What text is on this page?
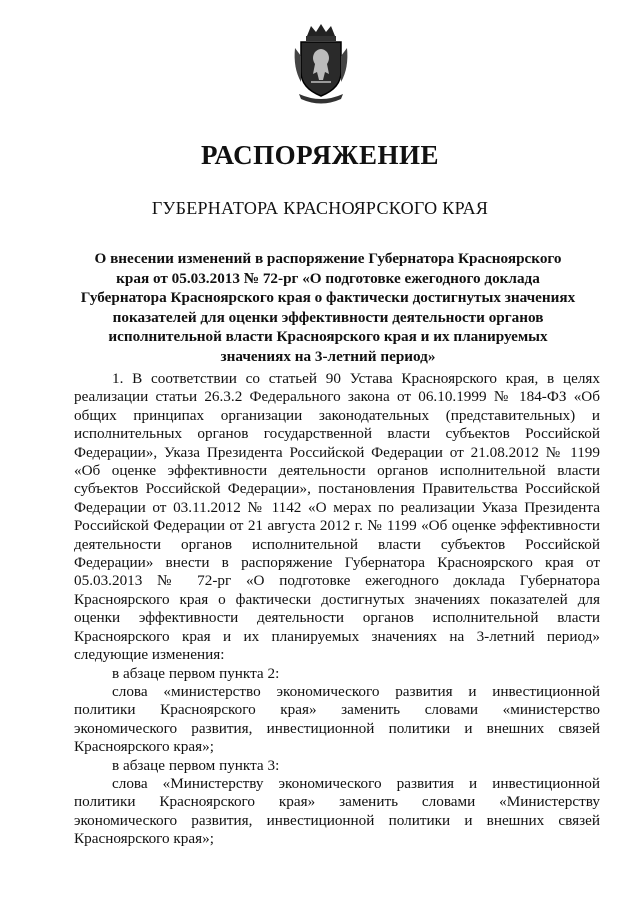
РАСПОРЯЖЕНИЕ
ГУБЕРНАТОРА КРАСНОЯРСКОГО КРАЯ
О внесении изменений в распоряжение Губернатора Красноярского края от 05.03.2013 № 72-рг «О подготовке ежегодного доклада Губернатора Красноярского края о фактически достигнутых значениях показателей для оценки эффективности деятельности органов исполнительной власти Красноярского края и их планируемых значениях на 3-летний период»

1. В соответствии со статьей 90 Устава Красноярского края, в целях реализации статьи 26.3.2 Федерального закона от 06.10.1999 № 184-ФЗ «Об общих принципах организации законодательных (представительных) и исполнительных органов государственной власти субъектов Российской Федерации», Указа Президента Российской Федерации от 21.08.2012 № 1199 «Об оценке эффективности деятельности органов исполнительной власти субъектов Российской Федерации», постановления Правительства Российской Федерации от 03.11.2012 № 1142 «О мерах по реализации Указа Президента Российской Федерации от 21 августа 2012 г. № 1199 «Об оценке эффективности деятельности органов исполнительной власти субъектов Российской Федерации» внести в распоряжение Губернатора Красноярского края от 05.03.2013 № 72-рг «О подготовке ежегодного доклада Губернатора Красноярского края о фактически достигнутых значениях показателей для оценки эффективности деятельности органов исполнительной власти Красноярского края и их планируемых значениях на 3-летний период» следующие изменения:

в абзаце первом пункта 2:

слова «министерство экономического развития и инвестиционной политики Красноярского края» заменить словами «министерство экономического развития, инвестиционной политики и внешних связей Красноярского края»;

в абзаце первом пункта 3:

слова «Министерству экономического развития и инвестиционной политики Красноярского края» заменить словами «Министерству экономического развития, инвестиционной политики и внешних связей Красноярского края»;
